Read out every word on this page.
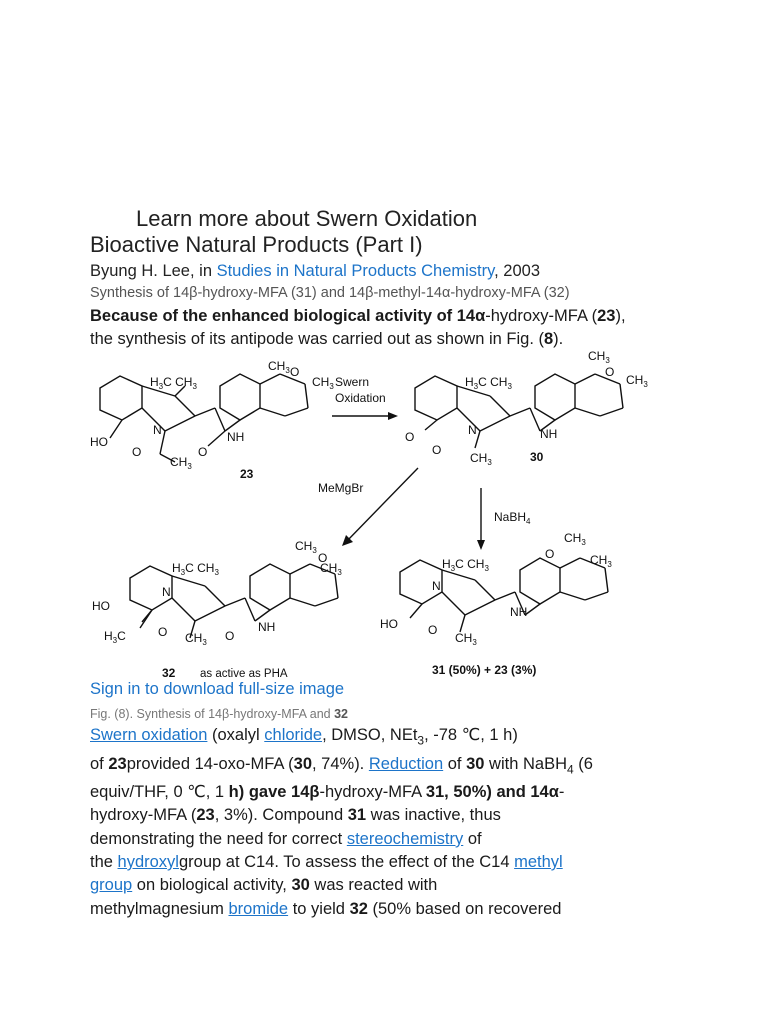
Learn more about Swern Oxidation
Bioactive Natural Products (Part I)
Byung H. Lee, in Studies in Natural Products Chemistry, 2003
Synthesis of 14β-hydroxy-MFA (31) and 14β-methyl-14α-hydroxy-MFA (32)
Because of the enhanced biological activity of 14α-hydroxy-MFA (23),
the synthesis of its antipode was carried out as shown in Fig. (8).
$H_3C$ $CH_3$
$CH_3$
$CH_3$
O
HO
N
O
$CH_3$
NH
O
23
Swern
Oxidation
$H_3C$ $CH_3$
$CH_3$
$CH_3$
O
O	N
O
$CH_3$
NH
30
MeMgBr
NaBH$_4$
$H_3C$ $CH_3$
$CH_3$
$CH_3$
O
HO
$H_3C$
N
O $CH_3$
NH
O
32 as active as PHA
$H_3C$ $CH_3$
$CH_3$
$CH_3$
O
HO
N
O
$CH_3$
NH
31 (50%) + 23 (3%)
Sign in to download full-size image
Fig. (8). Synthesis of 14β-hydroxy-MFA and 32
Swern oxidation (oxalyl chloride, DMSO, NEt$_3$, -78 ℃, 1 h)
of 23provided 14-oxo-MFA (30, 74%). Reduction of 30 with NaBH$_4$ (6
equiv/THF, 0 ℃, 1 h) gave 14β-hydroxy-MFA 31, 50%) and 14α-
hydroxy-MFA (23, 3%). Compound 31 was inactive, thus
demonstrating the need for correct stereochemistry of
the hydroxylgroup at C14. To assess the effect of the C14 methyl
group on biological activity, 30 was reacted with
methylmagnesium bromide to yield 32 (50% based on recovered
